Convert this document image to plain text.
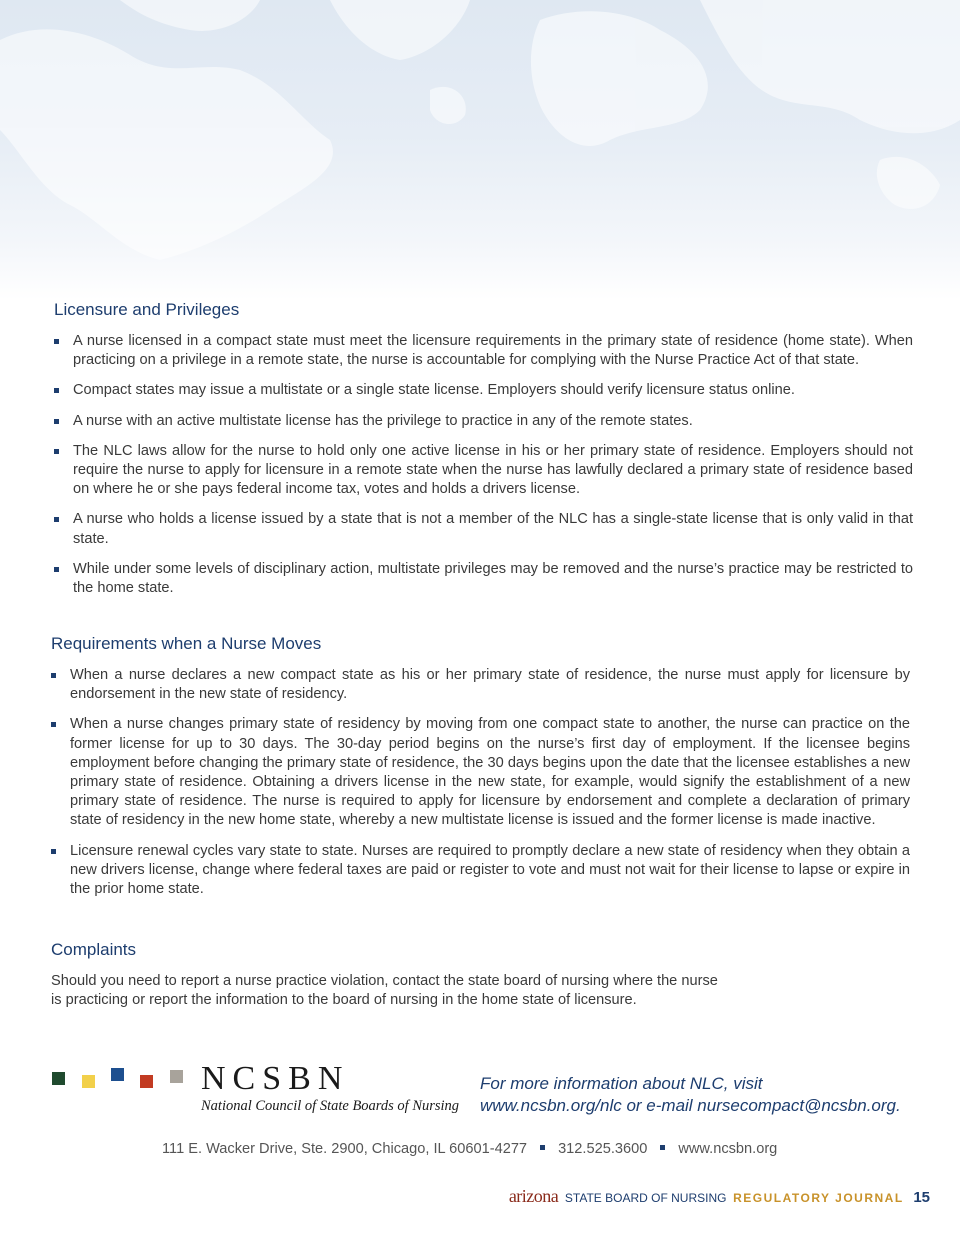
Licensure and Privileges
A nurse licensed in a compact state must meet the licensure requirements in the primary state of residence (home state). When practicing on a privilege in a remote state, the nurse is accountable for complying with the Nurse Practice Act of that state.
Compact states may issue a multistate or a single state license. Employers should verify licensure status online.
A nurse with an active multistate license has the privilege to practice in any of the remote states.
The NLC laws allow for the nurse to hold only one active license in his or her primary state of residence. Employers should not require the nurse to apply for licensure in a remote state when the nurse has lawfully declared a primary state of residence based on where he or she pays federal income tax, votes and holds a drivers license.
A nurse who holds a license issued by a state that is not a member of the NLC has a single-state license that is only valid in that state.
While under some levels of disciplinary action, multistate privileges may be removed and the nurse’s practice may be restricted to the home state.
Requirements when a Nurse Moves
When a nurse declares a new compact state as his or her primary state of residence, the nurse must apply for licensure by endorsement in the new state of residency.
When a nurse changes primary state of residency by moving from one compact state to another, the nurse can practice on the former license for up to 30 days. The 30-day period begins on the nurse’s first day of employment. If the licensee begins employment before changing the primary state of residence, the 30 days begins upon the date that the licensee establishes a new primary state of residence. Obtaining a drivers license in the new state, for example, would signify the establishment of a new primary state of residence. The nurse is required to apply for licensure by endorsement and complete a declaration of primary state of residency in the new home state, whereby a new multistate license is issued and the former license is made inactive.
Licensure renewal cycles vary state to state. Nurses are required to promptly declare a new state of residency when they obtain a new drivers license, change where federal taxes are paid or register to vote and must not wait for their license to lapse or expire in the prior home state.
Complaints
Should you need to report a nurse practice violation, contact the state board of nursing where the nurse
is practicing or report the information to the board of nursing in the home state of licensure.
NCSBN
National Council of State Boards of Nursing
For more information about NLC, visit
www.ncsbn.org/nlc or e-mail nursecompact@ncsbn.org.
111 E. Wacker Drive, Ste. 2900, Chicago, IL 60601-4277 312.525.3600 www.ncsbn.org
arizona STATE BOARD OF NURSING REGULATORY JOURNAL 15
